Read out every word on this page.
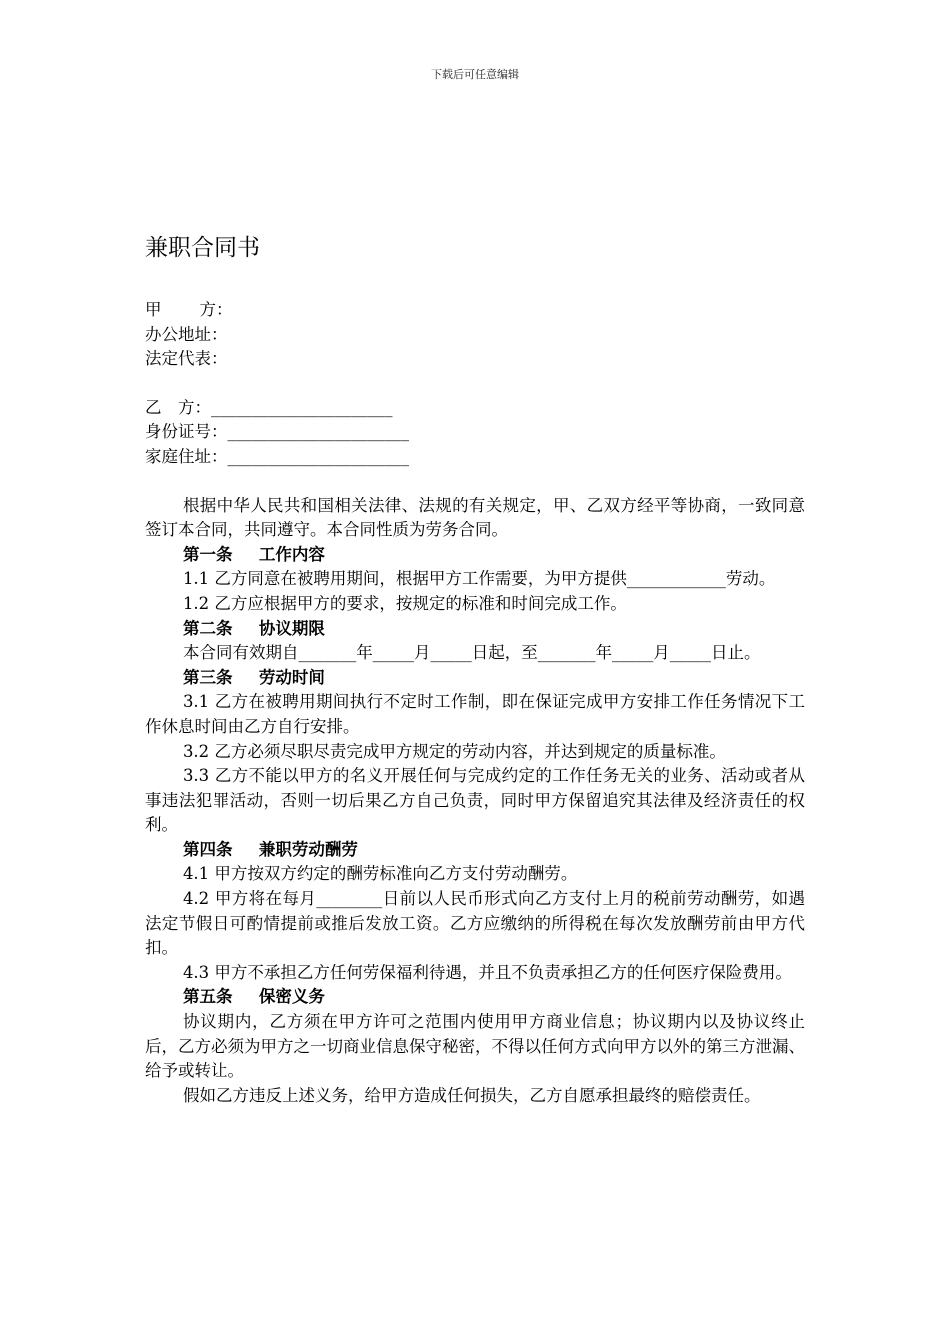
下载后可任意编辑
兼职合同书
甲 方：
办公地址：
法定代表：
乙　方：______________________
身份证号：______________________
家庭住址：______________________
根据中华人民共和国相关法律、法规的有关规定，甲、乙双方经平等协商，一致同意签订本合同，共同遵守。本合同性质为劳务合同。
第一条 工作内容
1.1 乙方同意在被聘用期间，根据甲方工作需要，为甲方提供____________劳动。
1.2 乙方应根据甲方的要求，按规定的标准和时间完成工作。
第二条 协议期限
本合同有效期自_______年_____月_____日起，至_______年_____月_____日止。
第三条 劳动时间
3.1 乙方在被聘用期间执行不定时工作制，即在保证完成甲方安排工作任务情况下工作休息时间由乙方自行安排。
3.2 乙方必须尽职尽责完成甲方规定的劳动内容，并达到规定的质量标准。
3.3 乙方不能以甲方的名义开展任何与完成约定的工作任务无关的业务、活动或者从事违法犯罪活动，否则一切后果乙方自己负责，同时甲方保留追究其法律及经济责任的权利。
第四条 兼职劳动酬劳
4.1 甲方按双方约定的酬劳标准向乙方支付劳动酬劳。
4.2 甲方将在每月________日前以人民币形式向乙方支付上月的税前劳动酬劳，如遇法定节假日可酌情提前或推后发放工资。乙方应缴纳的所得税在每次发放酬劳前由甲方代扣。
4.3 甲方不承担乙方任何劳保福利待遇，并且不负责承担乙方的任何医疗保险费用。
第五条 保密义务
协议期内，乙方须在甲方许可之范围内使用甲方商业信息；协议期内以及协议终止后，乙方必须为甲方之一切商业信息保守秘密，不得以任何方式向甲方以外的第三方泄漏、给予或转让。
假如乙方违反上述义务，给甲方造成任何损失，乙方自愿承担最终的赔偿责任。
